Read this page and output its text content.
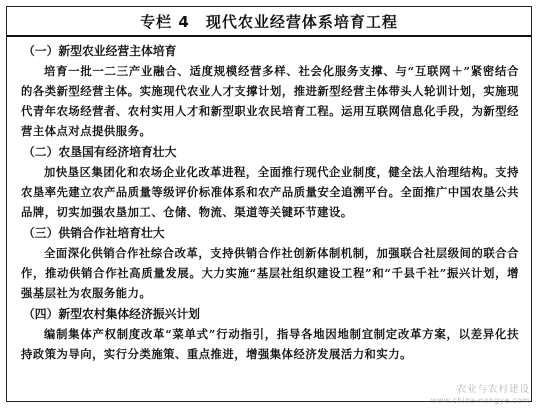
专栏 4　现代农业经营体系培育工程

（一）新型农业经营主体培育

培育一批一二三产业融合、适度规模经营多样、社会化服务支撑、与“互联网＋”紧密结合的各类新型经营主体。实施现代农业人才支撑计划，推进新型经营主体带头人轮训计划，实施现代青年农场经营者、农村实用人才和新型职业农民培育工程。运用互联网信息化手段，为新型经营主体点对点提供服务。

（二）农垦国有经济培育壮大

加快垦区集团化和农场企业化改革进程，全面推行现代企业制度，健全法人治理结构。支持农垦率先建立农产品质量等级评价标准体系和农产品质量安全追溯平台。全面推广中国农垦公共品牌，切实加强农垦加工、仓储、物流、渠道等关键环节建设。

（三）供销合作社培育壮大

全面深化供销合作社综合改革，支持供销合作社创新体制机制，加强联合社层级间的联合合作，推动供销合作社高质量发展。大力实施“基层社组织建设工程”和“千县千社”振兴计划，增强基层社为农服务能力。

（四）新型农村集体经济振兴计划

编制集体产权制度改革“菜单式”行动指引，指导各地因地制宜制定改革方案，以差异化扶持政策为导向，实行分类施策、重点推进，增强集体经济发展活力和实力。

农业与农村建设
www.china-nongye.com
